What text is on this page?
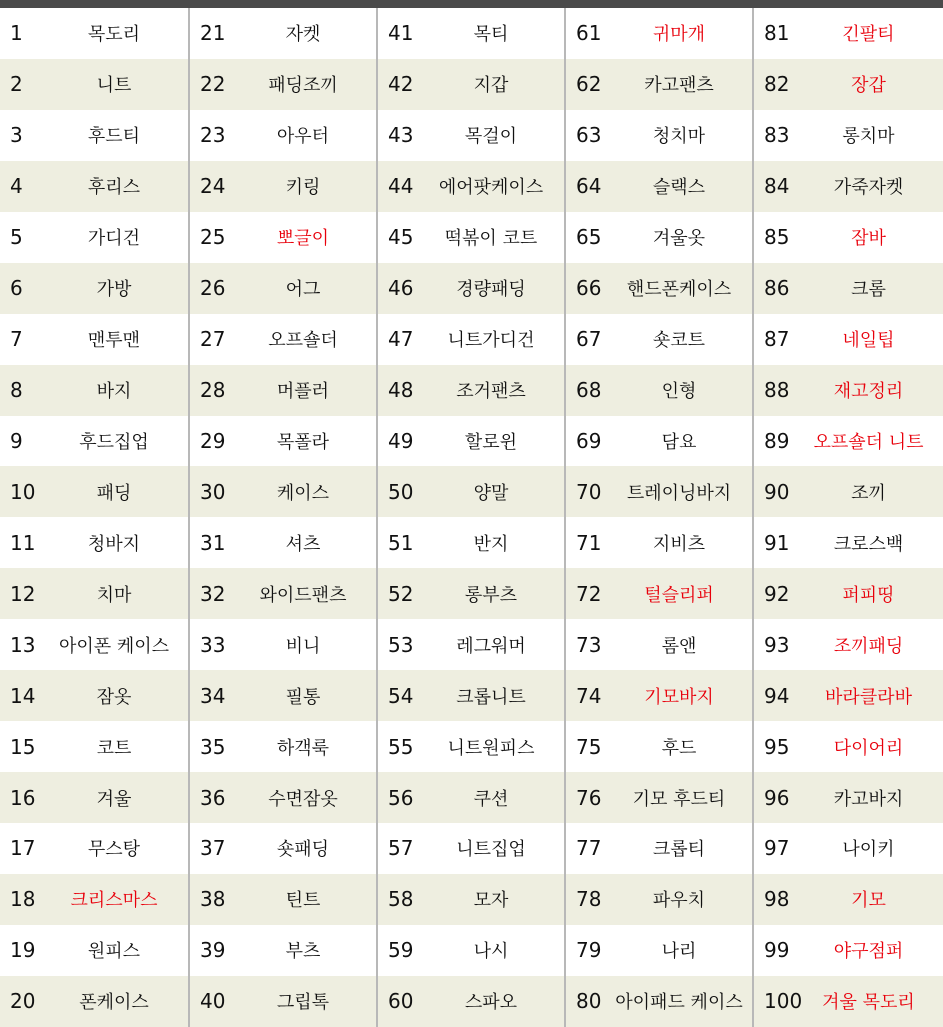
1	목도리
2	니트
3	후드티
4	후리스
5	가디건
6	가방
7	맨투맨
8	바지
9	후드집업
10	패딩
11	청바지
12	치마
13	아이폰 케이스
14	잠옷
15	코트
16	겨울
17	무스탕
18	크리스마스
19	원피스
20	폰케이스
21	자켓
22	패딩조끼
23	아우터
24	키링
25	뽀글이
26	어그
27	오프숄더
28	머플러
29	목폴라
30	케이스
31	셔츠
32	와이드팬츠
33	비니
34	필통
35	하객룩
36	수면잠옷
37	숏패딩
38	틴트
39	부츠
40	그립톡
41	목티
42	지갑
43	목걸이
44	에어팟케이스
45	떡볶이 코트
46	경량패딩
47	니트가디건
48	조거팬츠
49	할로윈
50	양말
51	반지
52	롱부츠
53	레그워머
54	크롭니트
55	니트원피스
56	쿠션
57	니트집업
58	모자
59	나시
60	스파오
61	귀마개
62	카고팬츠
63	청치마
64	슬랙스
65	겨울옷
66	핸드폰케이스
67	숏코트
68	인형
69	담요
70	트레이닝바지
71	지비츠
72	털슬리퍼
73	롬앤
74	기모바지
75	후드
76	기모 후드티
77	크롭티
78	파우치
79	나리
80 아이패드 케이스
81	긴팔티
82	장갑
83	롱치마
84	가죽자켓
85	잠바
86	크롬
87	네일팁
88	재고정리
89	오프숄더 니트
90	조끼
91	크로스백
92	퍼피띵
93	조끼패딩
94	바라클라바
95	다이어리
96	카고바지
97	나이키
98	기모
99	야구점퍼
100	겨울 목도리
